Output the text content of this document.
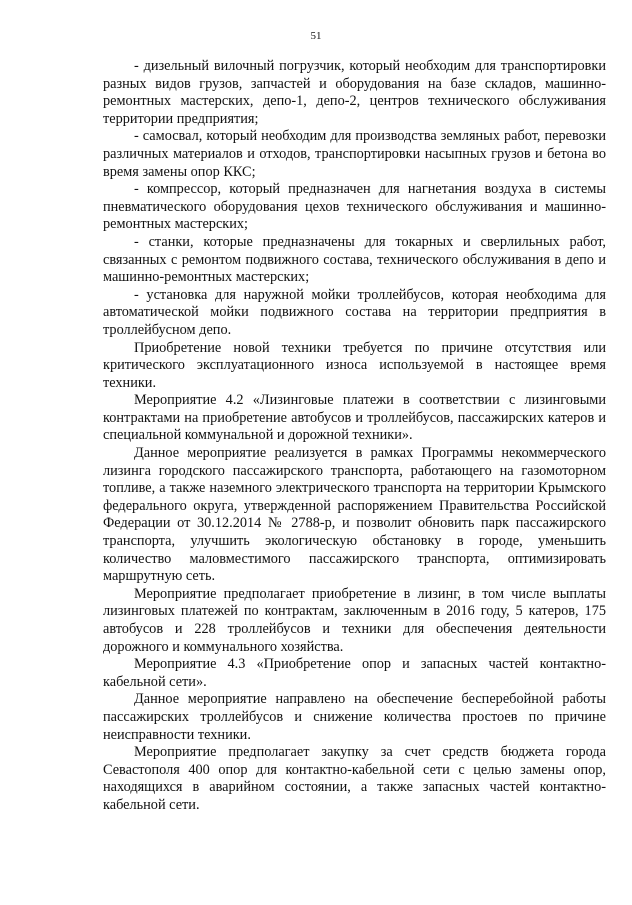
51

- дизельный вилочный погрузчик, который необходим для транспортировки разных видов грузов, запчастей и оборудования на базе складов, машинно-ремонтных мастерских, депо-1, депо-2, центров технического обслуживания территории предприятия;

- самосвал, который необходим для производства земляных работ, перевозки различных материалов и отходов, транспортировки насыпных грузов и бетона во время замены опор ККС;

- компрессор, который предназначен для нагнетания воздуха в системы пневматического оборудования цехов технического обслуживания и машинно-ремонтных мастерских;

- станки, которые предназначены для токарных и сверлильных работ, связанных с ремонтом подвижного состава, технического обслуживания в депо и машинно-ремонтных мастерских;

- установка для наружной мойки троллейбусов, которая необходима для автоматической мойки подвижного состава на территории предприятия в троллейбусном депо.

Приобретение новой техники требуется по причине отсутствия или критического эксплуатационного износа используемой в настоящее время техники.

Мероприятие 4.2 «Лизинговые платежи в соответствии с лизинговыми контрактами на приобретение автобусов и троллейбусов, пассажирских катеров и специальной коммунальной и дорожной техники».

Данное мероприятие реализуется в рамках Программы некоммерческого лизинга городского пассажирского транспорта, работающего на газомоторном топливе, а также наземного электрического транспорта на территории Крымского федерального округа, утвержденной распоряжением Правительства Российской Федерации от 30.12.2014 № 2788-р, и позволит обновить парк пассажирского транспорта, улучшить экологическую обстановку в городе, уменьшить количество маловместимого пассажирского транспорта, оптимизировать маршрутную сеть.

Мероприятие предполагает приобретение в лизинг, в том числе выплаты лизинговых платежей по контрактам, заключенным в 2016 году, 5 катеров, 175 автобусов и 228 троллейбусов и техники для обеспечения деятельности дорожного и коммунального хозяйства.

Мероприятие 4.3 «Приобретение опор и запасных частей контактно-кабельной сети».

Данное мероприятие направлено на обеспечение бесперебойной работы пассажирских троллейбусов и снижение количества простоев по причине неисправности техники.

Мероприятие предполагает закупку за счет средств бюджета города Севастополя 400 опор для контактно-кабельной сети с целью замены опор, находящихся в аварийном состоянии, а также запасных частей контактно-кабельной сети.
